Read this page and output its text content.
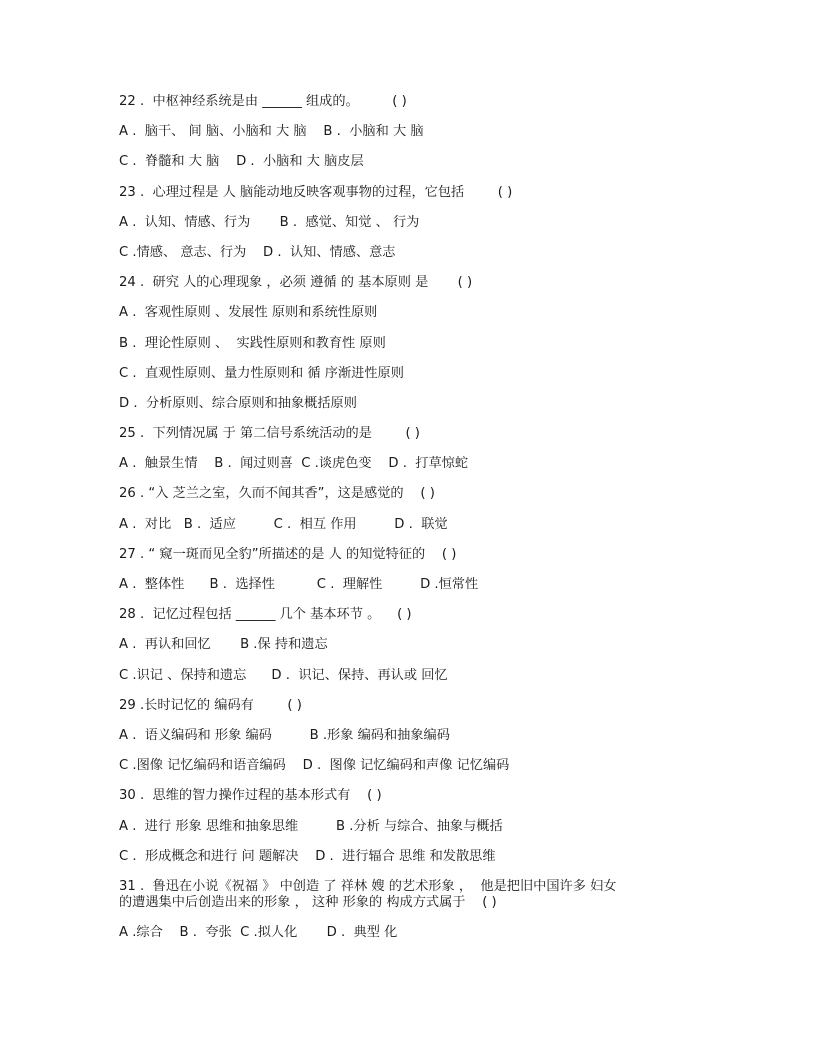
22 .  中枢神经系统是由 ______ 组成的。        ( )
A .  脑干、 间 脑、小脑和 大 脑    B .  小脑和 大 脑
C .  脊髓和 大 脑    D .  小脑和 大 脑皮层
23 .  心理过程是 人 脑能动地反映客观事物的过程，它包括        ( )
A .  认知、情感、行为       B .  感觉、知觉 、 行为
C .情感、 意志、行为    D .  认知、情感、意志
24 .  研究 人的心理现象 ，必须 遵循 的 基本原则 是       ( )
A .  客观性原则 、发展性 原则和系统性原则
B .  理论性原则 、  实践性原则和教育性 原则
C .  直观性原则、量力性原则和 循 序渐进性原则
D .  分析原则、综合原则和抽象概括原则
25 .  下列情况属 于 第二信号系统活动的是        ( )
A .  触景生情    B .  闻过则喜  C .谈虎色变    D .  打草惊蛇
26 . “入 芝兰之室，久而不闻其香”，这是感觉的    ( )
A .  对比   B .  适应         C .  相互 作用         D .  联觉
27 . “ 窥一斑而见全豹”所描述的是 人 的知觉特征的    ( )
A .  整体性      B .  选择性          C .  理解性         D .恒常性
28 .  记忆过程包括 ______ 几个 基本环节 。    ( )
A .  再认和回忆       B .保 持和遗忘
C .识记 、保持和遗忘      D .  识记、保持、再认或 回忆
29 .长时记忆的 编码有        ( )
A .  语义编码和 形象 编码         B .形象 编码和抽象编码
C .图像 记忆编码和语音编码    D .  图像 记忆编码和声像 记忆编码
30 .  思维的智力操作过程的基本形式有    ( )
A .  进行 形象 思维和抽象思维         B .分析 与综合、抽象与概括
C .  形成概念和进行 问 题解决    D .  进行辐合 思维 和发散思维
31 .  鲁迅在小说《祝福 》 中创造 了 祥林 嫂 的艺术形象 ，  他是把旧中国许多 妇女
的遭遇集中后创造出来的形象 ， 这种 形象的 构成方式属于    ( )
A .综合    B .  夸张  C .拟人化       D .  典型 化
